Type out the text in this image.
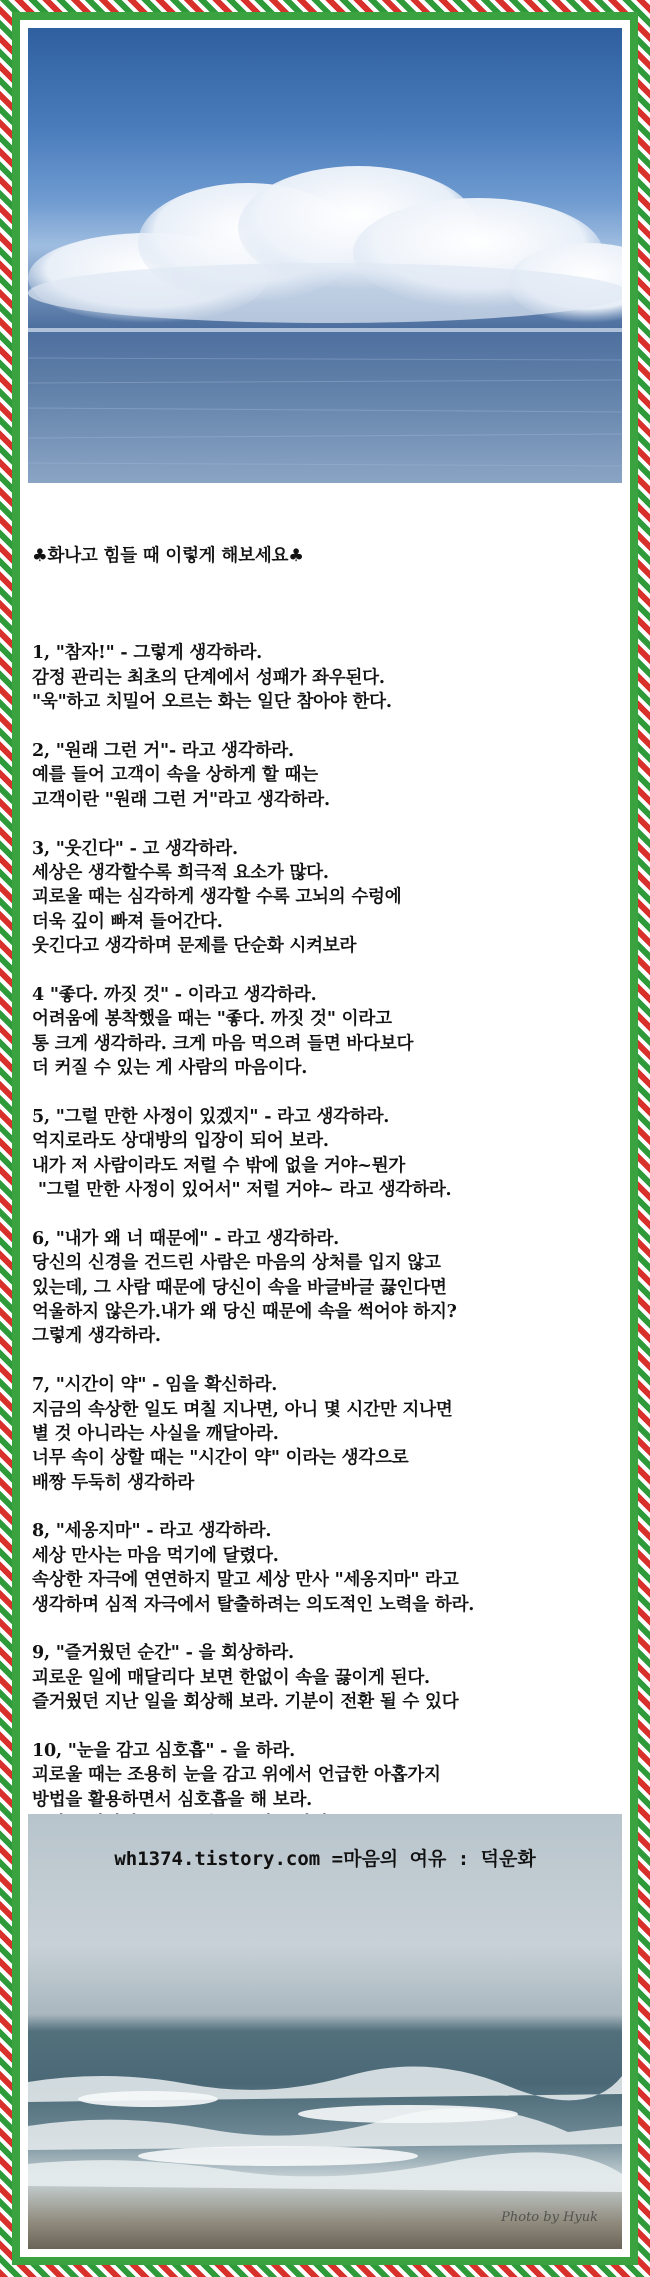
♣화나고 힘들 때 이렇게 해보세요♣

1, "참자!" - 그렇게 생각하라.
감정 관리는 최초의 단계에서 성패가 좌우된다.
"욱"하고 치밀어 오르는 화는 일단 참아야 한다.
2, "원래 그런 거"- 라고 생각하라.
예를 들어 고객이 속을 상하게 할 때는
고객이란 "원래 그런 거"라고 생각하라.
3, "웃긴다" - 고 생각하라.
세상은 생각할수록 희극적 요소가 많다.
괴로울 때는 심각하게 생각할 수록 고뇌의 수렁에
더욱 깊이 빠져 들어간다.
웃긴다고 생각하며 문제를 단순화 시켜보라
4 "좋다. 까짓 것" - 이라고 생각하라.
어려움에 봉착했을 때는 "좋다. 까짓 것" 이라고
통 크게 생각하라. 크게 마음 먹으려 들면 바다보다
더 커질 수 있는 게 사람의 마음이다.
5, "그럴 만한 사정이 있겠지" - 라고 생각하라.
억지로라도 상대방의 입장이 되어 보라.
내가 저 사람이라도 저럴 수 밖에 없을 거야~뭔가
"그럴 만한 사정이 있어서" 저럴 거야~ 라고 생각하라.
6, "내가 왜 너 때문에" - 라고 생각하라.
당신의 신경을 건드린 사람은 마음의 상처를 입지 않고
있는데, 그 사람 때문에 당신이 속을 바글바글 끓인다면
억울하지 않은가.내가 왜 당신 때문에 속을 썩어야 하지?
그렇게 생각하라.
7, "시간이 약" - 임을 확신하라.
지금의 속상한 일도 며칠 지나면, 아니 몇 시간만 지나면
별 것 아니라는 사실을 깨달아라.
너무 속이 상할 때는 "시간이 약" 이라는 생각으로
배짱 두둑히 생각하라
8, "세옹지마" - 라고 생각하라.
세상 만사는 마음 먹기에 달렸다.
속상한 자극에 연연하지 말고 세상 만사 "세옹지마" 라고
생각하며 심적 자극에서 탈출하려는 의도적인 노력을 하라.
9, "즐거웠던 순간" - 을 회상하라.
괴로운 일에 매달리다 보면 한없이 속을 끓이게 된다.
즐거웠던 지난 일을 회상해 보라. 기분이 전환 될 수 있다
10, "눈을 감고 심호흡" - 을 하라.
괴로울 때는 조용히 눈을 감고 위에서 언급한 아홉가지
방법을 활용하면서 심호흡을 해 보라.

wh1374.tistory.com =마음의 여유 : 덕운화
Photo by Hyuk
